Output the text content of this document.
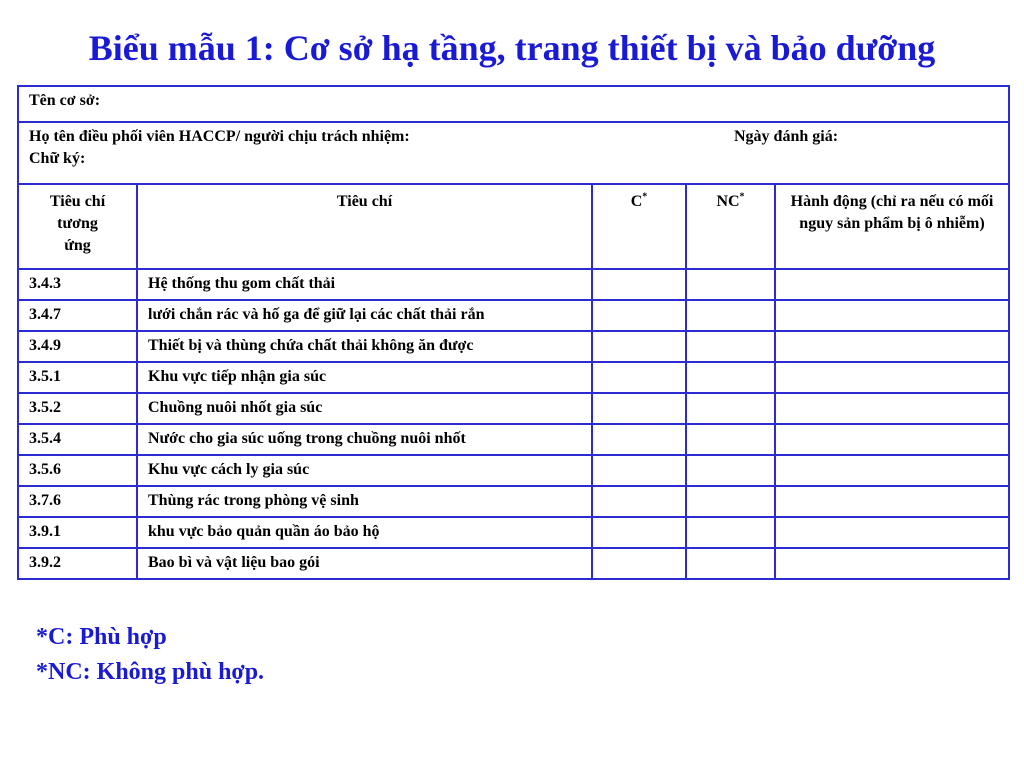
Biểu mẫu 1: Cơ sở hạ tầng, trang thiết bị và bảo dưỡng
Tên cơ sở:				

Họ tên điều phối viên HACCP/ người chịu trách nhiệm: Ngày đánh giá:
Chữ ký:				

Tiêu chí
tương
ứng	Tiêu chí	C*	NC*	Hành động (chỉ ra nếu có mối nguy sản phẩm bị ô nhiễm)
3.4.3	Hệ thống thu gom chất thải			
3.4.7	lưới chắn rác và hố ga để giữ lại các chất thải rắn			
3.4.9	Thiết bị và thùng chứa chất thải không ăn được			
3.5.1	Khu vực tiếp nhận gia súc			
3.5.2	Chuồng nuôi nhốt gia súc			
3.5.4	Nước cho gia súc uống trong chuồng nuôi nhốt			
3.5.6	Khu vực cách ly gia súc			
3.7.6	Thùng rác trong phòng vệ sinh			
3.9.1	khu vực bảo quản quần áo bảo hộ			
3.9.2	Bao bì và vật liệu bao gói			
*C: Phù hợp
*NC: Không phù hợp.
